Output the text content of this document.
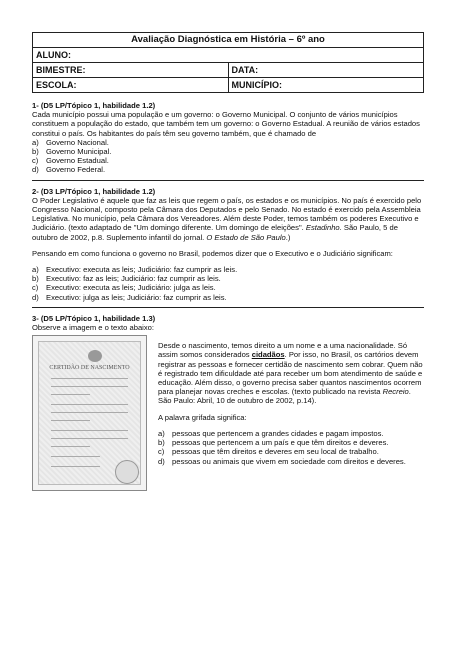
Avaliação Diagnóstica em História – 6º ano	
ALUNO:	
BIMESTRE:	DATA:
ESCOLA:	MUNICÍPIO:

1- (D5 LP/Tópico 1, habilidade 1.2)

Cada município possui uma população e um governo: o Governo Municipal. O conjunto de vários municípios constituem a população do estado, que também tem um governo: o Governo Estadual. A reunião de vários estados constitui o país. Os habitantes do país têm seu governo também, que é chamado de

a) Governo Nacional.

b) Governo Municipal.

c) Governo Estadual.

d) Governo Federal.

2- (D3 LP/Tópico 1, habilidade 1.2)

O Poder Legislativo é aquele que faz as leis que regem o país, os estados e os municípios. No país é exercido pelo Congresso Nacional, composto pela Câmara dos Deputados e pelo Senado. No estado é exercido pela Assembleia Legislativa. No município, pela Câmara dos Vereadores. Além deste Poder, temos também os poderes Executivo e Judiciário. (texto adaptado de "Um domingo diferente. Um domingo de eleições". Estadinho. São Paulo, 5 de outubro de 2002, p.8. Suplemento infantil do jornal. O Estado de São Paulo.)

Pensando em como funciona o governo no Brasil, podemos dizer que o Executivo e o Judiciário significam:

a) Executivo: executa as leis; Judiciário: faz cumprir as leis.

b) Executivo: faz as leis; Judiciário: faz cumprir as leis.

c) Executivo: executa as leis; Judiciário: julga as leis.

d) Executivo: julga as leis; Judiciário: faz cumprir as leis.

3- (D5 LP/Tópico 1, habilidade 1.3)

Observe a imagem e o texto abaixo:

CERTIDÃO DE NASCIMENTO

Desde o nascimento, temos direito a um nome e a uma nacionalidade. Só assim somos considerados cidadãos. Por isso, no Brasil, os cartórios devem registrar as pessoas e fornecer certidão de nascimento sem cobrar. Quem não é registrado tem dificuldade até para receber um bom atendimento de saúde e educação. Além disso, o governo precisa saber quantos nascimentos ocorrem para planejar novas creches e escolas. (texto publicado na revista Recreio. São Paulo: Abril, 10 de outubro de 2002, p.14).

A palavra grifada significa:

a) pessoas que pertencem a grandes cidades e pagam impostos.

b) pessoas que pertencem a um país e que têm direitos e deveres.

c) pessoas que têm direitos e deveres em seu local de trabalho.

d) pessoas ou animais que vivem em sociedade com direitos e deveres.
